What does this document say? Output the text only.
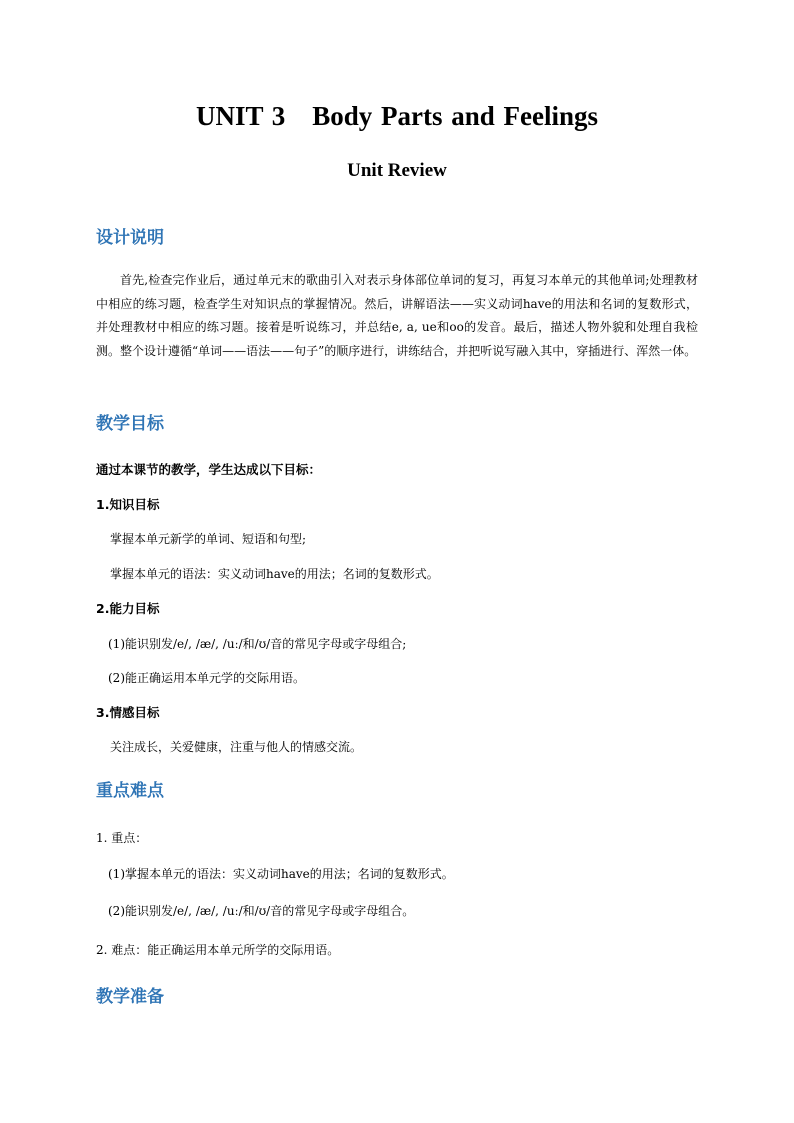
UNIT 3　Body Parts and Feelings
Unit Review
设计说明
首先,检查完作业后，通过单元末的歌曲引入对表示身体部位单词的复习，再复习本单元的其他单词;处理教材中相应的练习题，检查学生对知识点的掌握情况。然后，讲解语法——实义动词have的用法和名词的复数形式，并处理教材中相应的练习题。接着是听说练习，并总结e, a, ue和oo的发音。最后，描述人物外貌和处理自我检测。整个设计遵循“单词——语法——句子”的顺序进行，讲练结合，并把听说写融入其中，穿插进行、浑然一体。
教学目标
通过本课节的教学，学生达成以下目标：
1.知识目标
掌握本单元新学的单词、短语和句型;
掌握本单元的语法：实义动词have的用法；名词的复数形式。
2.能力目标
(1)能识别发/e/, /æ/, /uː/和/ʊ/音的常见字母或字母组合;
(2)能正确运用本单元学的交际用语。
3.情感目标
关注成长，关爱健康，注重与他人的情感交流。
重点难点
1. 重点：
(1)掌握本单元的语法：实义动词have的用法；名词的复数形式。
(2)能识别发/e/, /æ/, /uː/和/ʊ/音的常见字母或字母组合。
2. 难点：能正确运用本单元所学的交际用语。
教学准备
